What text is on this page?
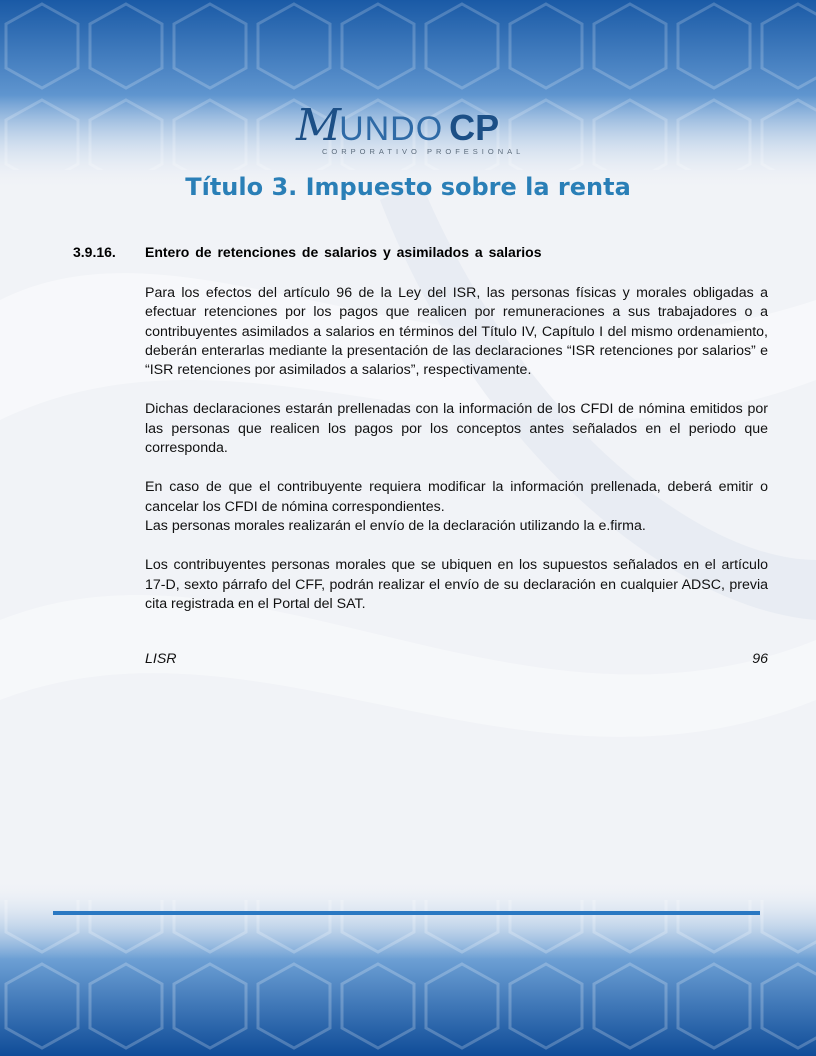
MUNDO CP
CORPORATIVO PROFESIONAL
Título 3. Impuesto sobre la renta
3.9.16. Entero de retenciones de salarios y asimilados a salarios

Para los efectos del artículo 96 de la Ley del ISR, las personas físicas y morales obligadas a efectuar retenciones por los pagos que realicen por remuneraciones a sus trabajadores o a contribuyentes asimilados a salarios en términos del Título IV, Capítulo I del mismo ordenamiento, deberán enterarlas mediante la presentación de las declaraciones “ISR retenciones por salarios” e “ISR retenciones por asimilados a salarios”, respectivamente.

Dichas declaraciones estarán prellenadas con la información de los CFDI de nómina emitidos por las personas que realicen los pagos por los conceptos antes señalados en el periodo que corresponda.

En caso de que el contribuyente requiera modificar la información prellenada, deberá emitir o cancelar los CFDI de nómina correspondientes.

Las personas morales realizarán el envío de la declaración utilizando la e.firma.

Los contribuyentes personas morales que se ubiquen en los supuestos señalados en el artículo 17-D, sexto párrafo del CFF, podrán realizar el envío de su declaración en cualquier ADSC, previa cita registrada en el Portal del SAT.

LISR	96
